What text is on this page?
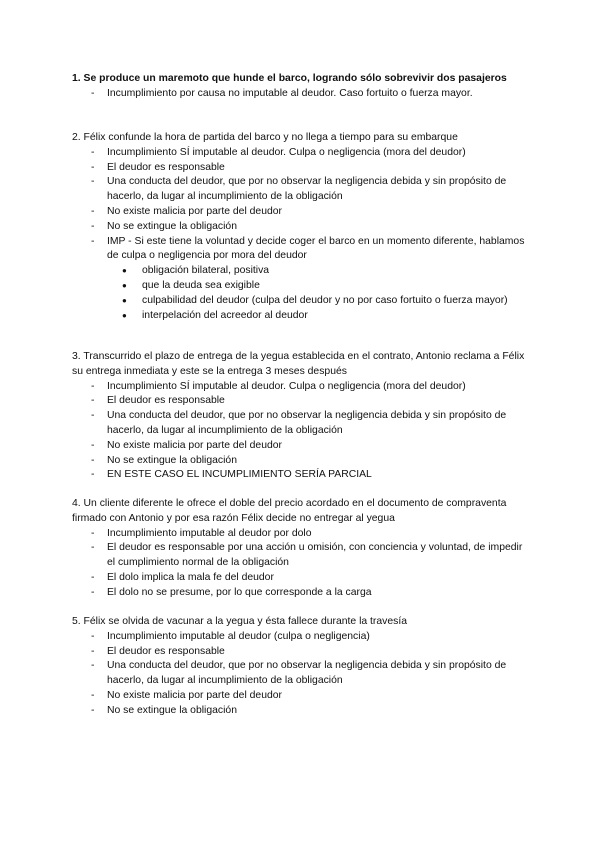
1. Se produce un maremoto que hunde el barco, logrando sólo sobrevivir dos pasajeros

- Incumplimiento por causa no imputable al deudor. Caso fortuito o fuerza mayor.

2. Félix confunde la hora de partida del barco y no llega a tiempo para su embarque

- Incumplimiento SÍ imputable al deudor. Culpa o negligencia (mora del deudor)
- El deudor es responsable
- Una conducta del deudor, que por no observar la negligencia debida y sin propósito de hacerlo, da lugar al incumplimiento de la obligación
- No existe malicia por parte del deudor
- No se extingue la obligación
- IMP - Si este tiene la voluntad y decide coger el barco en un momento diferente, hablamos de culpa o negligencia por mora del deudor
● obligación bilateral, positiva
● que la deuda sea exigible
● culpabilidad del deudor (culpa del deudor y no por caso fortuito o fuerza mayor)
● interpelación del acreedor al deudor

3. Transcurrido el plazo de entrega de la yegua establecida en el contrato, Antonio reclama a Félix su entrega inmediata y este se la entrega 3 meses después

- Incumplimiento SÍ imputable al deudor. Culpa o negligencia (mora del deudor)
- El deudor es responsable
- Una conducta del deudor, que por no observar la negligencia debida y sin propósito de hacerlo, da lugar al incumplimiento de la obligación
- No existe malicia por parte del deudor
- No se extingue la obligación
- EN ESTE CASO EL INCUMPLIMIENTO SERÍA PARCIAL

4. Un cliente diferente le ofrece el doble del precio acordado en el documento de compraventa firmado con Antonio y por esa razón Félix decide no entregar al yegua

- Incumplimiento imputable al deudor por dolo
- El deudor es responsable por una acción u omisión, con conciencia y voluntad, de impedir el cumplimiento normal de la obligación
- El dolo implica la mala fe del deudor
- El dolo no se presume, por lo que corresponde a la carga

5. Félix se olvida de vacunar a la yegua y ésta fallece durante la travesía

- Incumplimiento imputable al deudor (culpa o negligencia)
- El deudor es responsable
- Una conducta del deudor, que por no observar la negligencia debida y sin propósito de hacerlo, da lugar al incumplimiento de la obligación
- No existe malicia por parte del deudor
- No se extingue la obligación
